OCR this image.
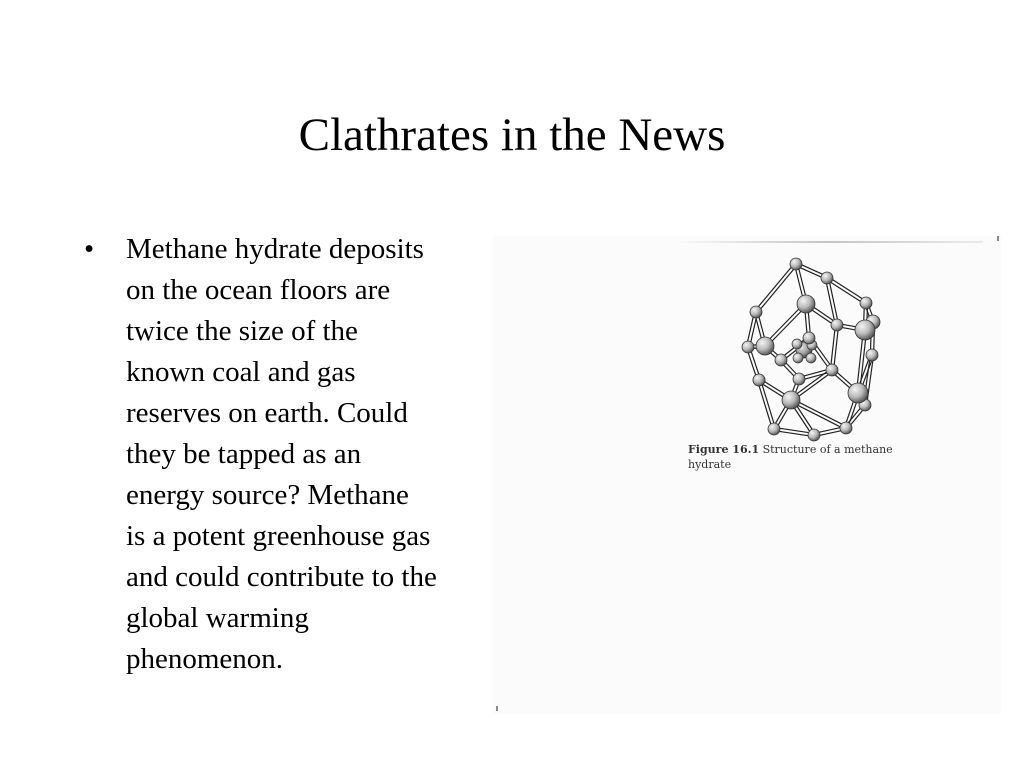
Clathrates in the News
• Methane hydrate deposits
on the ocean floors are
twice the size of the
known coal and gas
reserves on earth. Could
they be tapped as an
energy source? Methane
is a potent greenhouse gas
and could contribute to the
global warming
phenomenon.

Figure 16.1 Structure of a methane
hydrate
